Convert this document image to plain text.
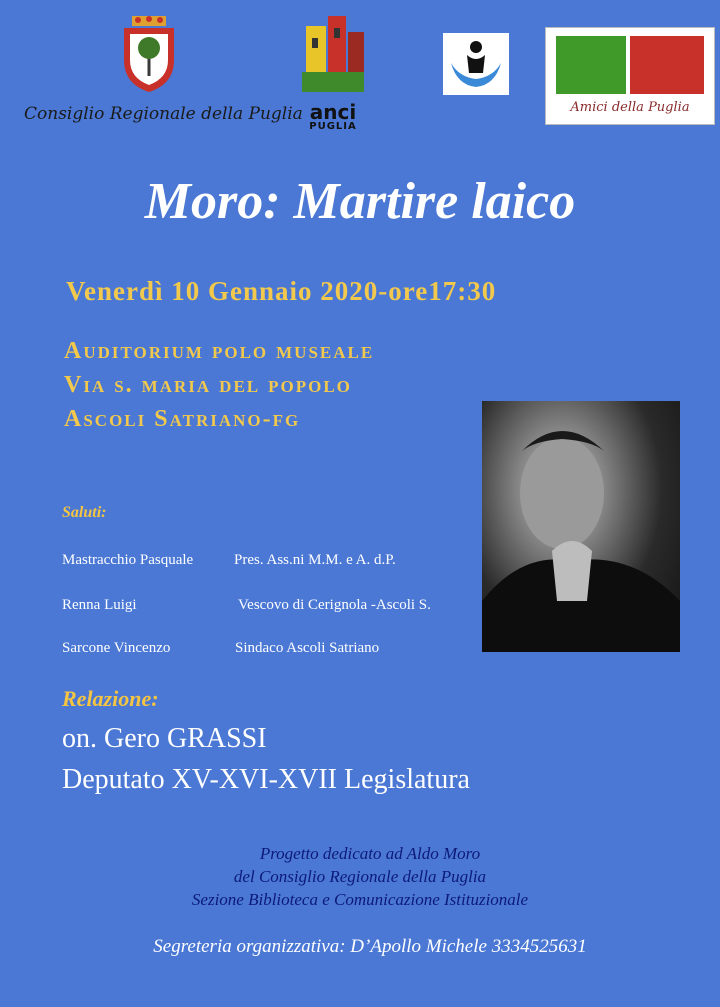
Consiglio Regionale della Puglia anci
PUGLIA
Amici della Puglia
Moro: Martire laico
Venerdì 10 Gennaio 2020-ore17:30
Auditorium polo museale
Via s. maria del popolo
Ascoli Satriano-fg
Saluti:
Mastracchio Pasquale	Pres. Ass.ni M.M. e A. d.P.
Renna Luigi	Vescovo di Cerignola -Ascoli S.
Sarcone Vincenzo	Sindaco Ascoli Satriano
Relazione:
on. Gero GRASSI
Deputato XV-XVI-XVII Legislatura
Progetto dedicato ad Aldo Moro
del Consiglio Regionale della Puglia
Sezione Biblioteca e Comunicazione Istituzionale
Segreteria organizzativa: D’Apollo Michele 3334525631
